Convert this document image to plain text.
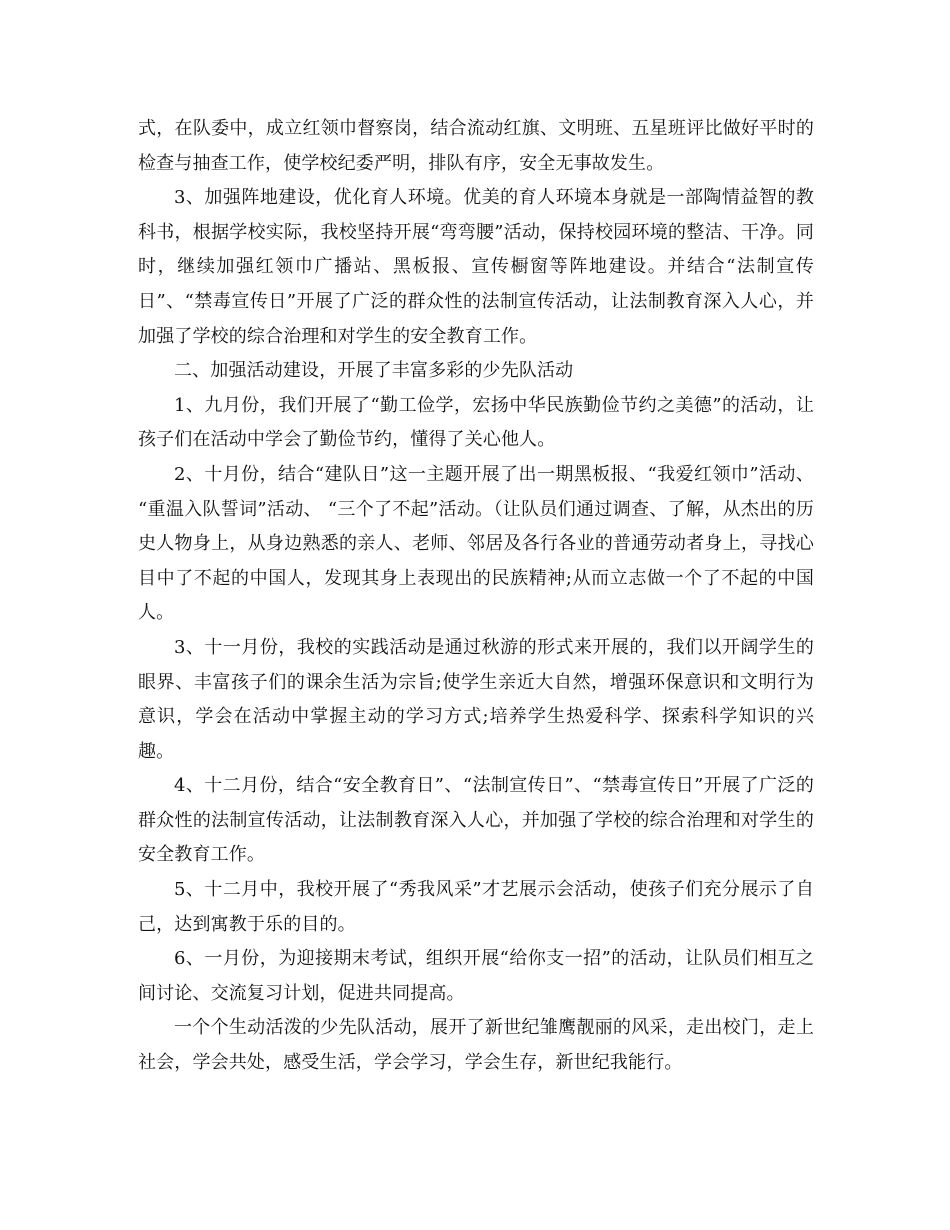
式，在队委中，成立红领巾督察岗，结合流动红旗、文明班、五星班评比做好平时的检查与抽查工作，使学校纪委严明，排队有序，安全无事故发生。

3、加强阵地建设，优化育人环境。优美的育人环境本身就是一部陶情益智的教科书，根据学校实际，我校坚持开展“弯弯腰”活动，保持校园环境的整洁、干净。同时，继续加强红领巾广播站、黑板报、宣传橱窗等阵地建设。并结合“法制宣传日”、“禁毒宣传日”开展了广泛的群众性的法制宣传活动，让法制教育深入人心，并加强了学校的综合治理和对学生的安全教育工作。

二、加强活动建设，开展了丰富多彩的少先队活动

1、九月份，我们开展了“勤工俭学，宏扬中华民族勤俭节约之美德”的活动，让孩子们在活动中学会了勤俭节约，懂得了关心他人。

2、十月份，结合“建队日”这一主题开展了出一期黑板报、“我爱红领巾”活动、 “重温入队誓词”活动、 “三个了不起”活动。（让队员们通过调查、了解，从杰出的历史人物身上，从身边熟悉的亲人、老师、邻居及各行各业的普通劳动者身上，寻找心目中了不起的中国人，发现其身上表现出的民族精神;从而立志做一个了不起的中国人。

3、十一月份，我校的实践活动是通过秋游的形式来开展的，我们以开阔学生的眼界、丰富孩子们的课余生活为宗旨;使学生亲近大自然，增强环保意识和文明行为意识，学会在活动中掌握主动的学习方式;培养学生热爱科学、探索科学知识的兴趣。

4、十二月份，结合“安全教育日”、“法制宣传日”、“禁毒宣传日”开展了广泛的群众性的法制宣传活动，让法制教育深入人心，并加强了学校的综合治理和对学生的安全教育工作。

5、十二月中，我校开展了“秀我风采”才艺展示会活动，使孩子们充分展示了自己，达到寓教于乐的目的。

6、一月份，为迎接期末考试，组织开展“给你支一招”的活动，让队员们相互之间讨论、交流复习计划，促进共同提高。

一个个生动活泼的少先队活动，展开了新世纪雏鹰靓丽的风采，走出校门，走上社会，学会共处，感受生活，学会学习，学会生存，新世纪我能行。
